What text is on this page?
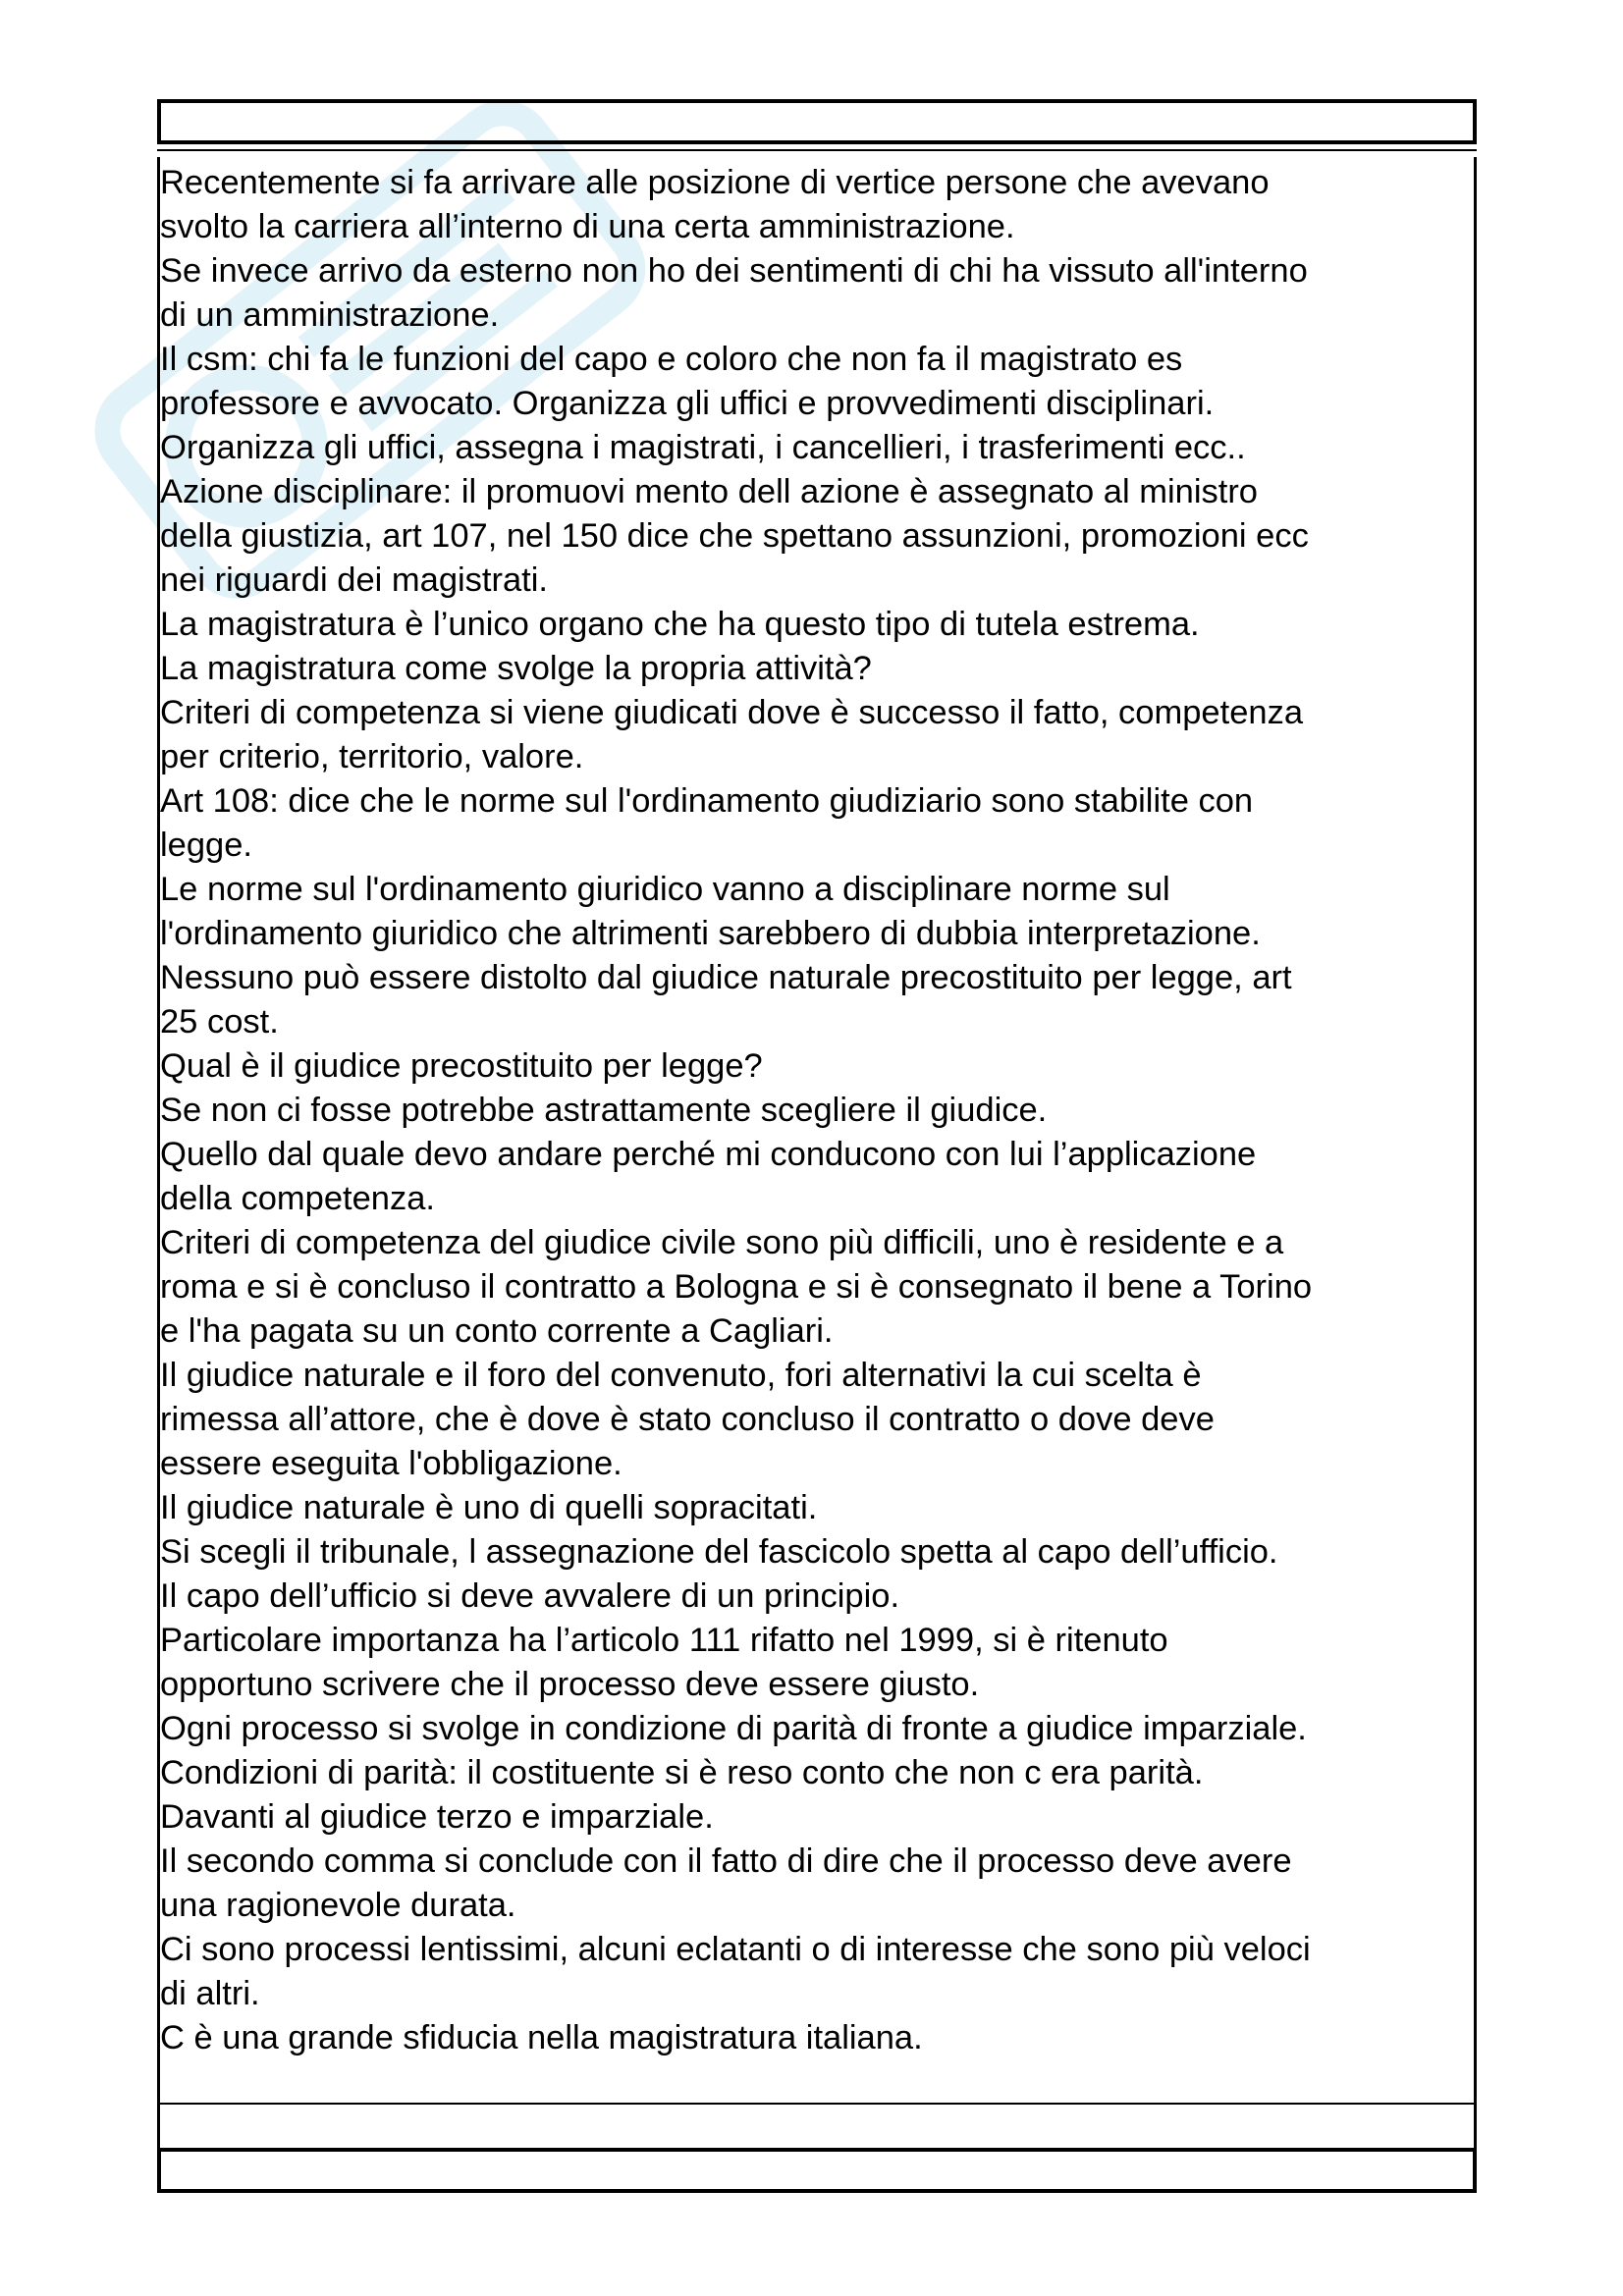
Recentemente si fa arrivare alle posizione di vertice persone che avevano
svolto la carriera all’interno di una certa amministrazione.
Se invece arrivo da esterno non ho dei sentimenti di chi ha vissuto all'interno
di un amministrazione.
Il csm: chi fa le funzioni del capo e coloro che non fa il magistrato es
professore e avvocato. Organizza gli uffici e provvedimenti disciplinari.
Organizza gli uffici, assegna i magistrati, i cancellieri, i trasferimenti ecc..
Azione disciplinare: il promuovi mento dell azione è assegnato al ministro
della giustizia, art 107, nel 150 dice che spettano assunzioni, promozioni ecc
nei riguardi dei magistrati.
La magistratura è l’unico organo che ha questo tipo di tutela estrema.
La magistratura come svolge la propria attività?
Criteri di competenza si viene giudicati dove è successo il fatto, competenza
per criterio, territorio, valore.
Art 108: dice che le norme sul l'ordinamento giudiziario sono stabilite con
legge.
Le norme sul l'ordinamento giuridico vanno a disciplinare norme sul
l'ordinamento giuridico che altrimenti sarebbero di dubbia interpretazione.
Nessuno può essere distolto dal giudice naturale precostituito per legge, art
25 cost.
Qual è il giudice precostituito per legge?
Se non ci fosse potrebbe astrattamente scegliere il giudice.
Quello dal quale devo andare perché mi conducono con lui l’applicazione
della competenza.
Criteri di competenza del giudice civile sono più difficili, uno è residente e a
roma e si è concluso il contratto a Bologna e si è consegnato il bene a Torino
e l'ha pagata su un conto corrente a Cagliari.
Il giudice naturale e il foro del convenuto, fori alternativi la cui scelta è
rimessa all’attore, che è dove è stato concluso il contratto o dove deve
essere eseguita l'obbligazione.
Il giudice naturale è uno di quelli sopracitati.
Si scegli il tribunale, l assegnazione del fascicolo spetta al capo dell’ufficio.
Il capo dell’ufficio si deve avvalere di un principio.
Particolare importanza ha l’articolo 111 rifatto nel 1999, si è ritenuto
opportuno scrivere che il processo deve essere giusto.
Ogni processo si svolge in condizione di parità di fronte a giudice imparziale.
Condizioni di parità: il costituente si è reso conto che non c era parità.
Davanti al giudice terzo e imparziale.
Il secondo comma si conclude con il fatto di dire che il processo deve avere
una ragionevole durata.
Ci sono processi lentissimi, alcuni eclatanti o di interesse che sono più veloci
di altri.
C è una grande sfiducia nella magistratura italiana.
